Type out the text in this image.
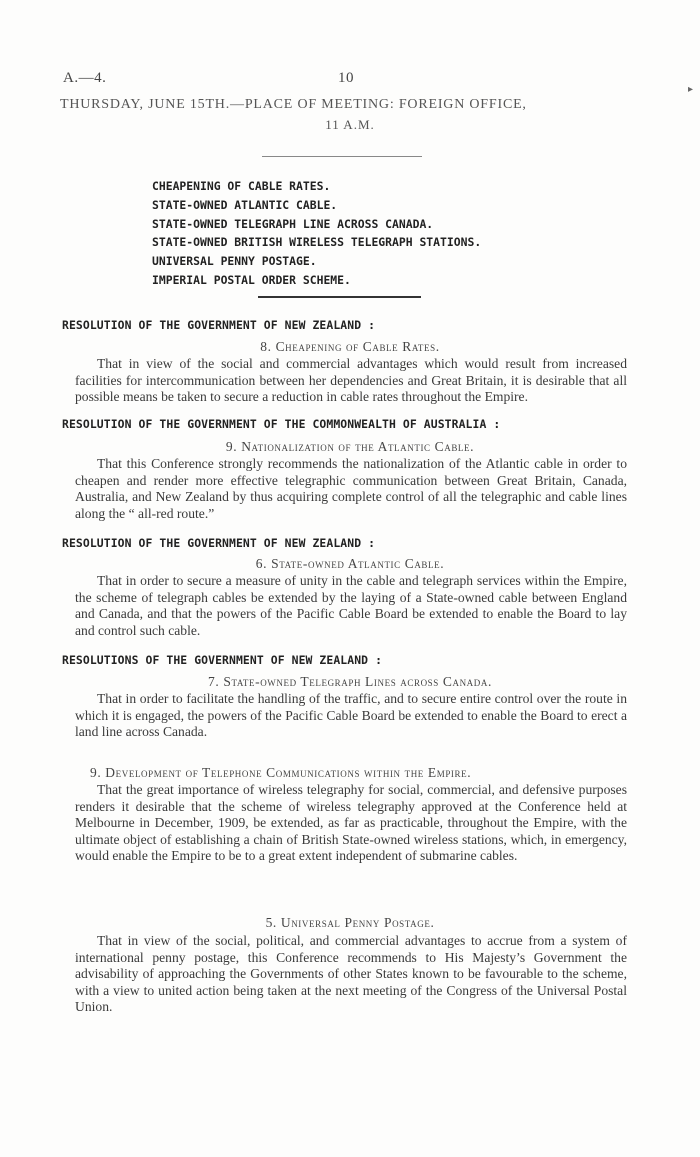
A.—4.	10
THURSDAY, JUNE 15TH.—PLACE OF MEETING: FOREIGN OFFICE,
11 A.M.
CHEAPENING OF CABLE RATES.
STATE-OWNED ATLANTIC CABLE.
STATE-OWNED TELEGRAPH LINE ACROSS CANADA.
STATE-OWNED BRITISH WIRELESS TELEGRAPH STATIONS.
UNIVERSAL PENNY POSTAGE.
IMPERIAL POSTAL ORDER SCHEME.
RESOLUTION OF THE GOVERNMENT OF NEW ZEALAND :
8. Cheapening of Cable Rates.

That in view of the social and commercial advantages which would result from increased facilities for intercommunication between her dependencies and Great Britain, it is desirable that all possible means be taken to secure a reduction in cable rates throughout the Empire.

RESOLUTION OF THE GOVERNMENT OF THE COMMONWEALTH OF AUSTRALIA :
9. Nationalization of the Atlantic Cable.

That this Conference strongly recommends the nationalization of the Atlantic cable in order to cheapen and render more effective telegraphic communication between Great Britain, Canada, Australia, and New Zealand by thus acquiring complete control of all the telegraphic and cable lines along the “ all-red route.”

RESOLUTION OF THE GOVERNMENT OF NEW ZEALAND :
6. State-owned Atlantic Cable.

That in order to secure a measure of unity in the cable and telegraph services within the Empire, the scheme of telegraph cables be extended by the laying of a State-owned cable between England and Canada, and that the powers of the Pacific Cable Board be extended to enable the Board to lay and control such cable.

RESOLUTIONS OF THE GOVERNMENT OF NEW ZEALAND :
7. State-owned Telegraph Lines across Canada.

That in order to facilitate the handling of the traffic, and to secure entire control over the route in which it is engaged, the powers of the Pacific Cable Board be extended to enable the Board to erect a land line across Canada.

9. Development of Telephone Communications within the Empire.

That the great importance of wireless telegraphy for social, commercial, and defensive purposes renders it desirable that the scheme of wireless telegraphy approved at the Conference held at Melbourne in December, 1909, be extended, as far as practicable, throughout the Empire, with the ultimate object of establishing a chain of British State-owned wireless stations, which, in emergency, would enable the Empire to be to a great extent independent of submarine cables.

5. Universal Penny Postage.

That in view of the social, political, and commercial advantages to accrue from a system of international penny postage, this Conference recommends to His Majesty’s Government the advisability of approaching the Governments of other States known to be favourable to the scheme, with a view to united action being taken at the next meeting of the Congress of the Universal Postal Union.

▸
